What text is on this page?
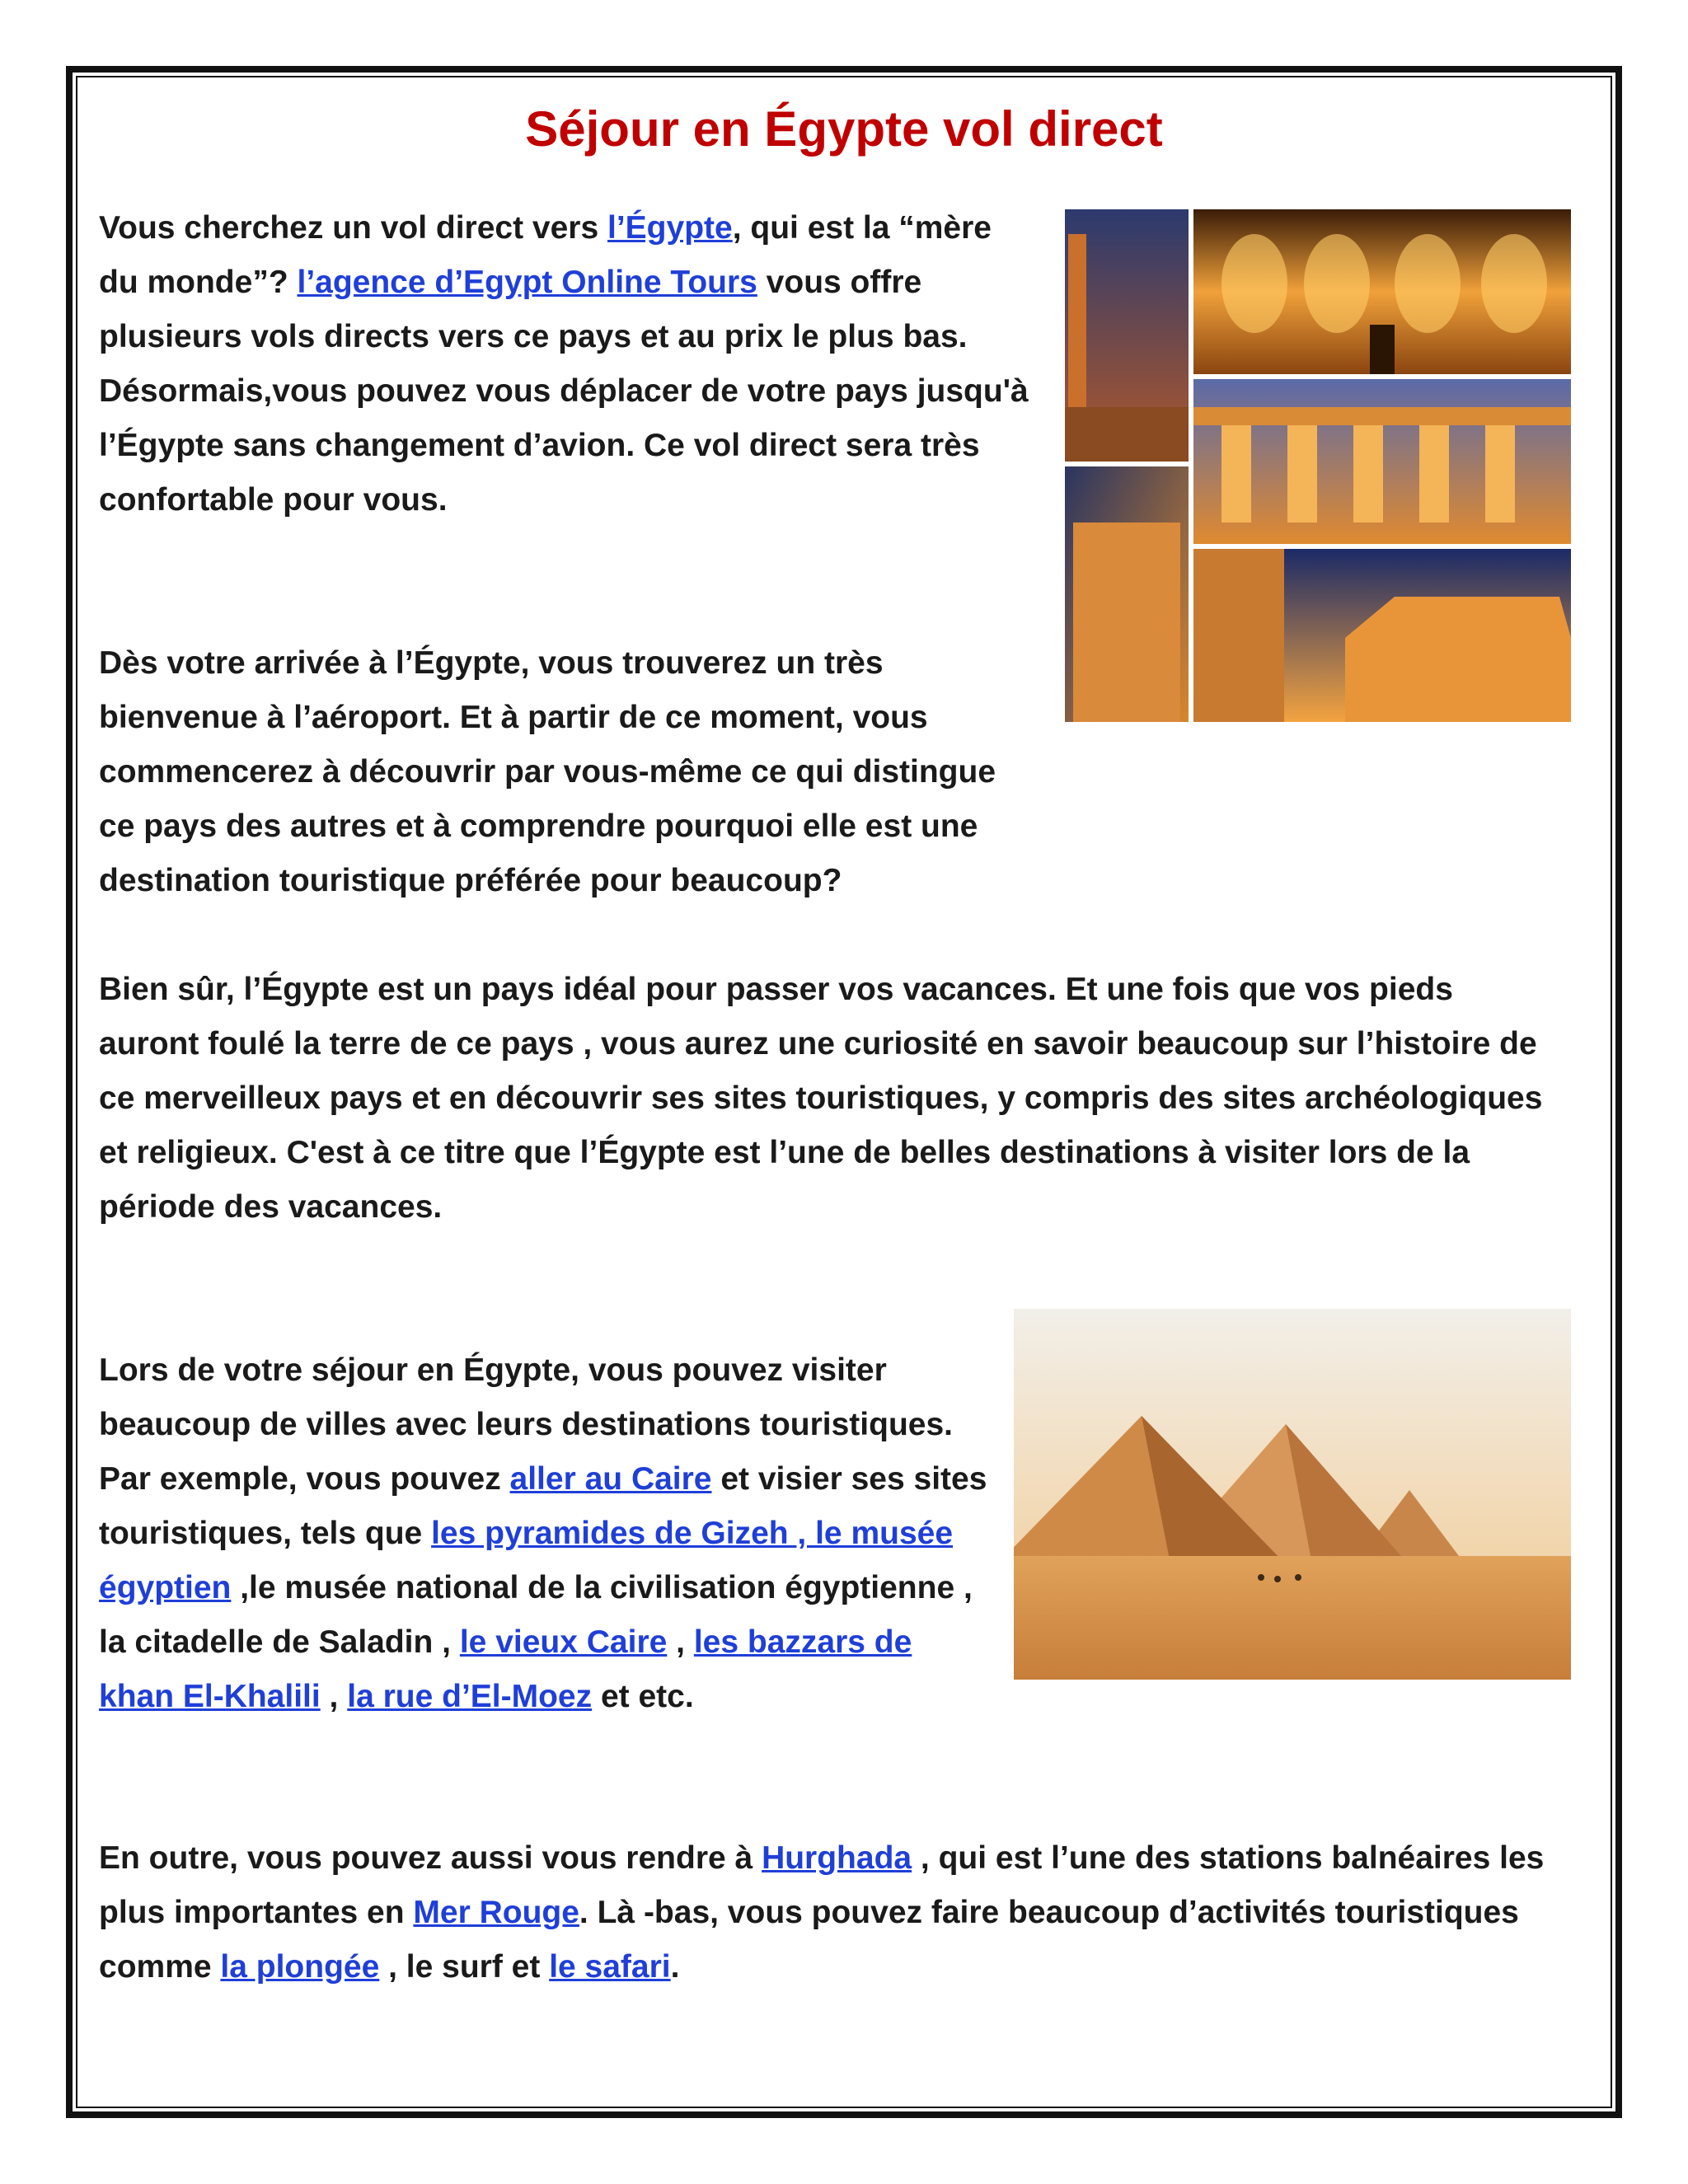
Séjour en Égypte vol direct

Vous cherchez un vol direct vers l’Égypte, qui est la “mère du monde”? l’agence d’Egypt Online Tours vous offre plusieurs vols directs vers ce pays et au prix le plus bas. Désormais,vous pouvez vous déplacer de votre pays jusqu'à l’Égypte sans changement d’avion. Ce vol direct sera très confortable pour vous.

Dès votre arrivée à l’Égypte, vous trouverez un très bienvenue à l’aéroport. Et à partir de ce moment, vous commencerez à découvrir par vous-même ce qui distingue ce pays des autres et à comprendre pourquoi elle est une destination touristique préférée pour beaucoup?

Bien sûr, l’Égypte est un pays idéal pour passer vos vacances. Et une fois que vos pieds auront foulé la terre de ce pays , vous aurez une curiosité en savoir beaucoup sur l’histoire de ce merveilleux pays et en découvrir ses sites touristiques, y compris des sites archéologiques et religieux. C'est à ce titre que l’Égypte est l’une de belles destinations à visiter lors de la période des vacances.

Lors de votre séjour en Égypte, vous pouvez visiter beaucoup de villes avec leurs destinations touristiques. Par exemple, vous pouvez aller au Caire et visier ses sites touristiques, tels que les pyramides de Gizeh , le musée égyptien ,le musée national de la civilisation égyptienne , la citadelle de Saladin , le vieux Caire , les bazzars de khan El-Khalili , la rue d’El-Moez et etc.

En outre, vous pouvez aussi vous rendre à Hurghada , qui est l’une des stations balnéaires les plus importantes en Mer Rouge. Là -bas, vous pouvez faire beaucoup d’activités touristiques comme la plongée , le surf et le safari.
